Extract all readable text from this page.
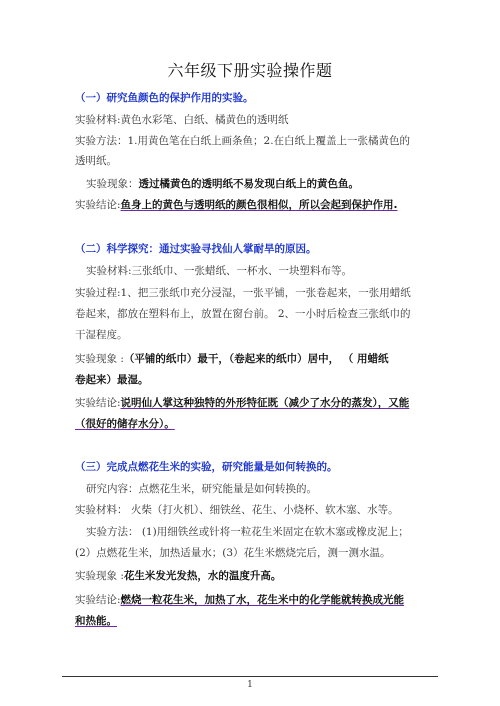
六年级下册实验操作题
（一）研究鱼颜色的保护作用的实验。
实验材料:黄色水彩笔、白纸、橘黄色的透明纸
实验方法：1.用黄色笔在白纸上画条鱼；2.在白纸上覆盖上一张橘黄色的
透明纸。
实验现象：透过橘黄色的透明纸不易发现白纸上的黄色鱼。
实验结论:鱼身上的黄色与透明纸的颜色很相似，所以会起到保护作用.
（二）科学探究：通过实验寻找仙人掌耐旱的原因。
实验材料:三张纸巾、一张蜡纸、一杯水、一块塑料布等。
实验过程:1、把三张纸巾充分浸湿，一张平铺，一张卷起来，一张用蜡纸
卷起来，都放在塑料布上，放置在窗台前。 2、一小时后检查三张纸巾的
干湿程度。
实验现象 :（平铺的纸巾）最干，（卷起来的纸巾）居中， （ 用蜡纸
卷起来）最湿。
实验结论:说明仙人掌这种独特的外形特征既（减少了水分的蒸发），又能
（很好的储存水分）。
（三）完成点燃花生米的实验，研究能量是如何转换的。
研究内容：点燃花生米，研究能量是如何转换的。
实验材料： 火柴（打火机）、细铁丝、花生、小烧杯、软木塞、水等。
实验方法： (1)用细铁丝或针将一粒花生米固定在软木塞或橡皮泥上；
(2）点燃花生米，加热适量水；(3）花生米燃烧完后，测一测水温。
实验现象 :花生米发光发热，水的温度升高。
实验结论:燃烧一粒花生米，加热了水，花生米中的化学能就转换成光能
和热能。
1
